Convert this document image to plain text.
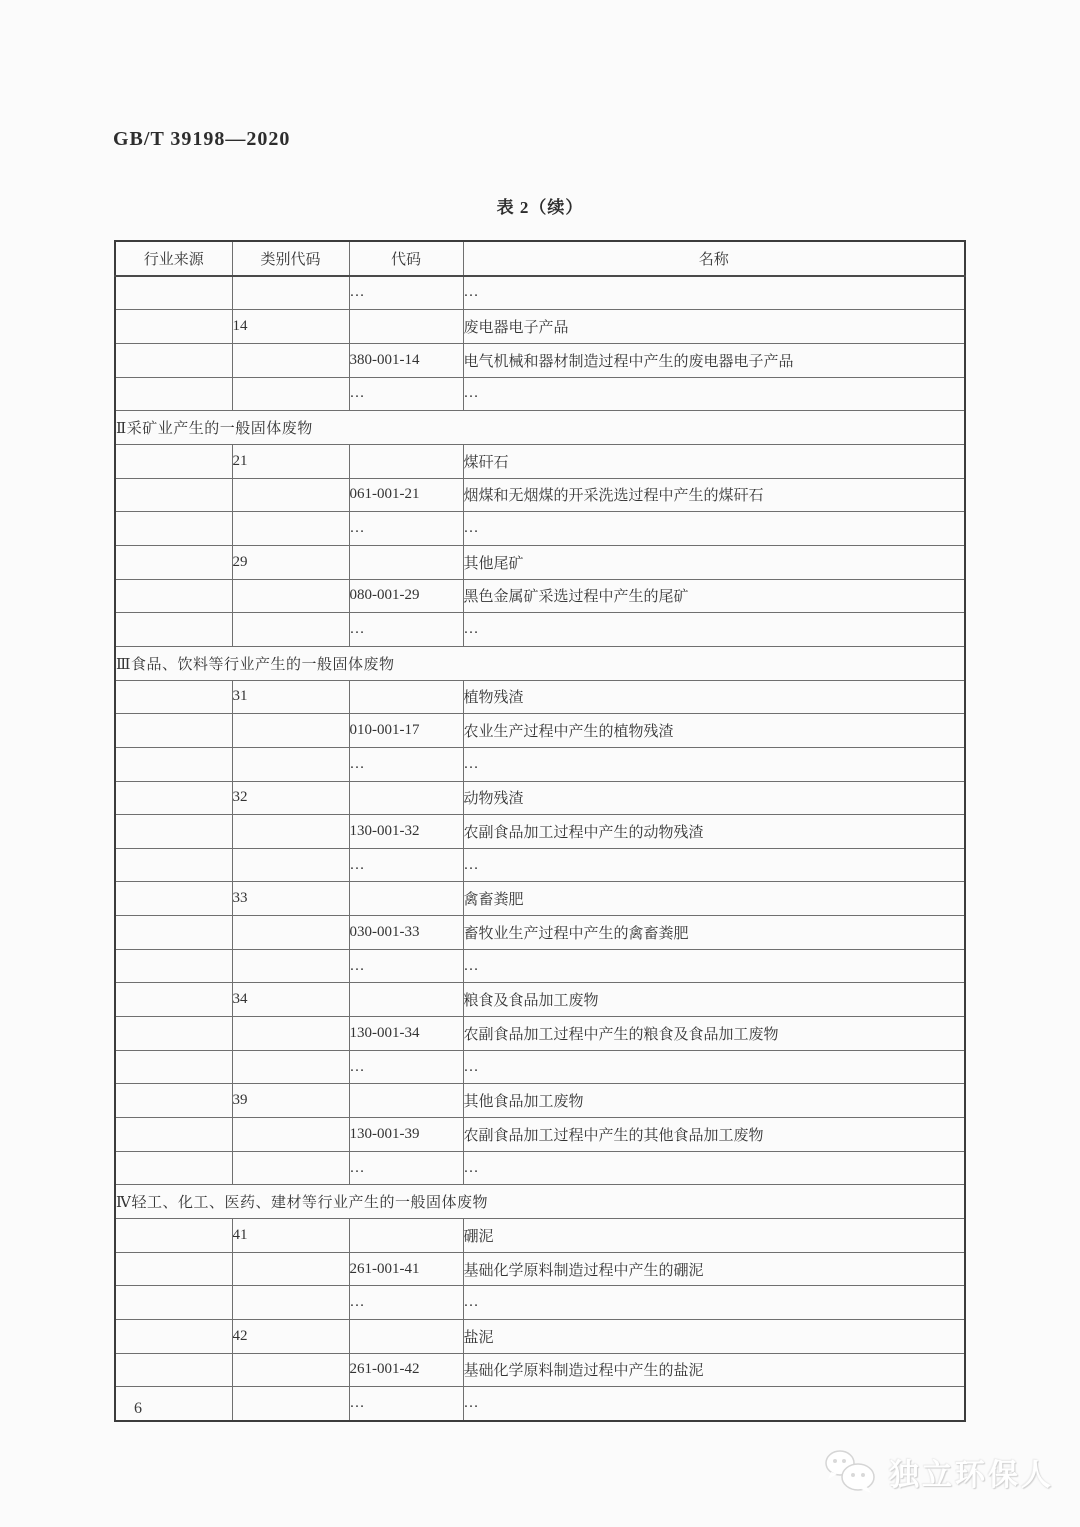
GB/T 39198—2020
表 2（续）
行业来源	类别代码	代码	名称
		…	…
	14		废电器电子产品
		380-001-14	电气机械和器材制造过程中产生的废电器电子产品
		…	…
Ⅱ采矿业产生的一般固体废物			
	21		煤矸石
		061-001-21	烟煤和无烟煤的开采洗选过程中产生的煤矸石
		…	…
	29		其他尾矿
		080-001-29	黑色金属矿采选过程中产生的尾矿
		…	…
Ⅲ食品、饮料等行业产生的一般固体废物			
	31		植物残渣
		010-001-17	农业生产过程中产生的植物残渣
		…	…
	32		动物残渣
		130-001-32	农副食品加工过程中产生的动物残渣
		…	…
	33		禽畜粪肥
		030-001-33	畜牧业生产过程中产生的禽畜粪肥
		…	…
	34		粮食及食品加工废物
		130-001-34	农副食品加工过程中产生的粮食及食品加工废物
		…	…
	39		其他食品加工废物
		130-001-39	农副食品加工过程中产生的其他食品加工废物
		…	…
Ⅳ轻工、化工、医药、建材等行业产生的一般固体废物			
	41		硼泥
		261-001-41	基础化学原料制造过程中产生的硼泥
		…	…
	42		盐泥
		261-001-42	基础化学原料制造过程中产生的盐泥
		…	…
6
独立环保人
